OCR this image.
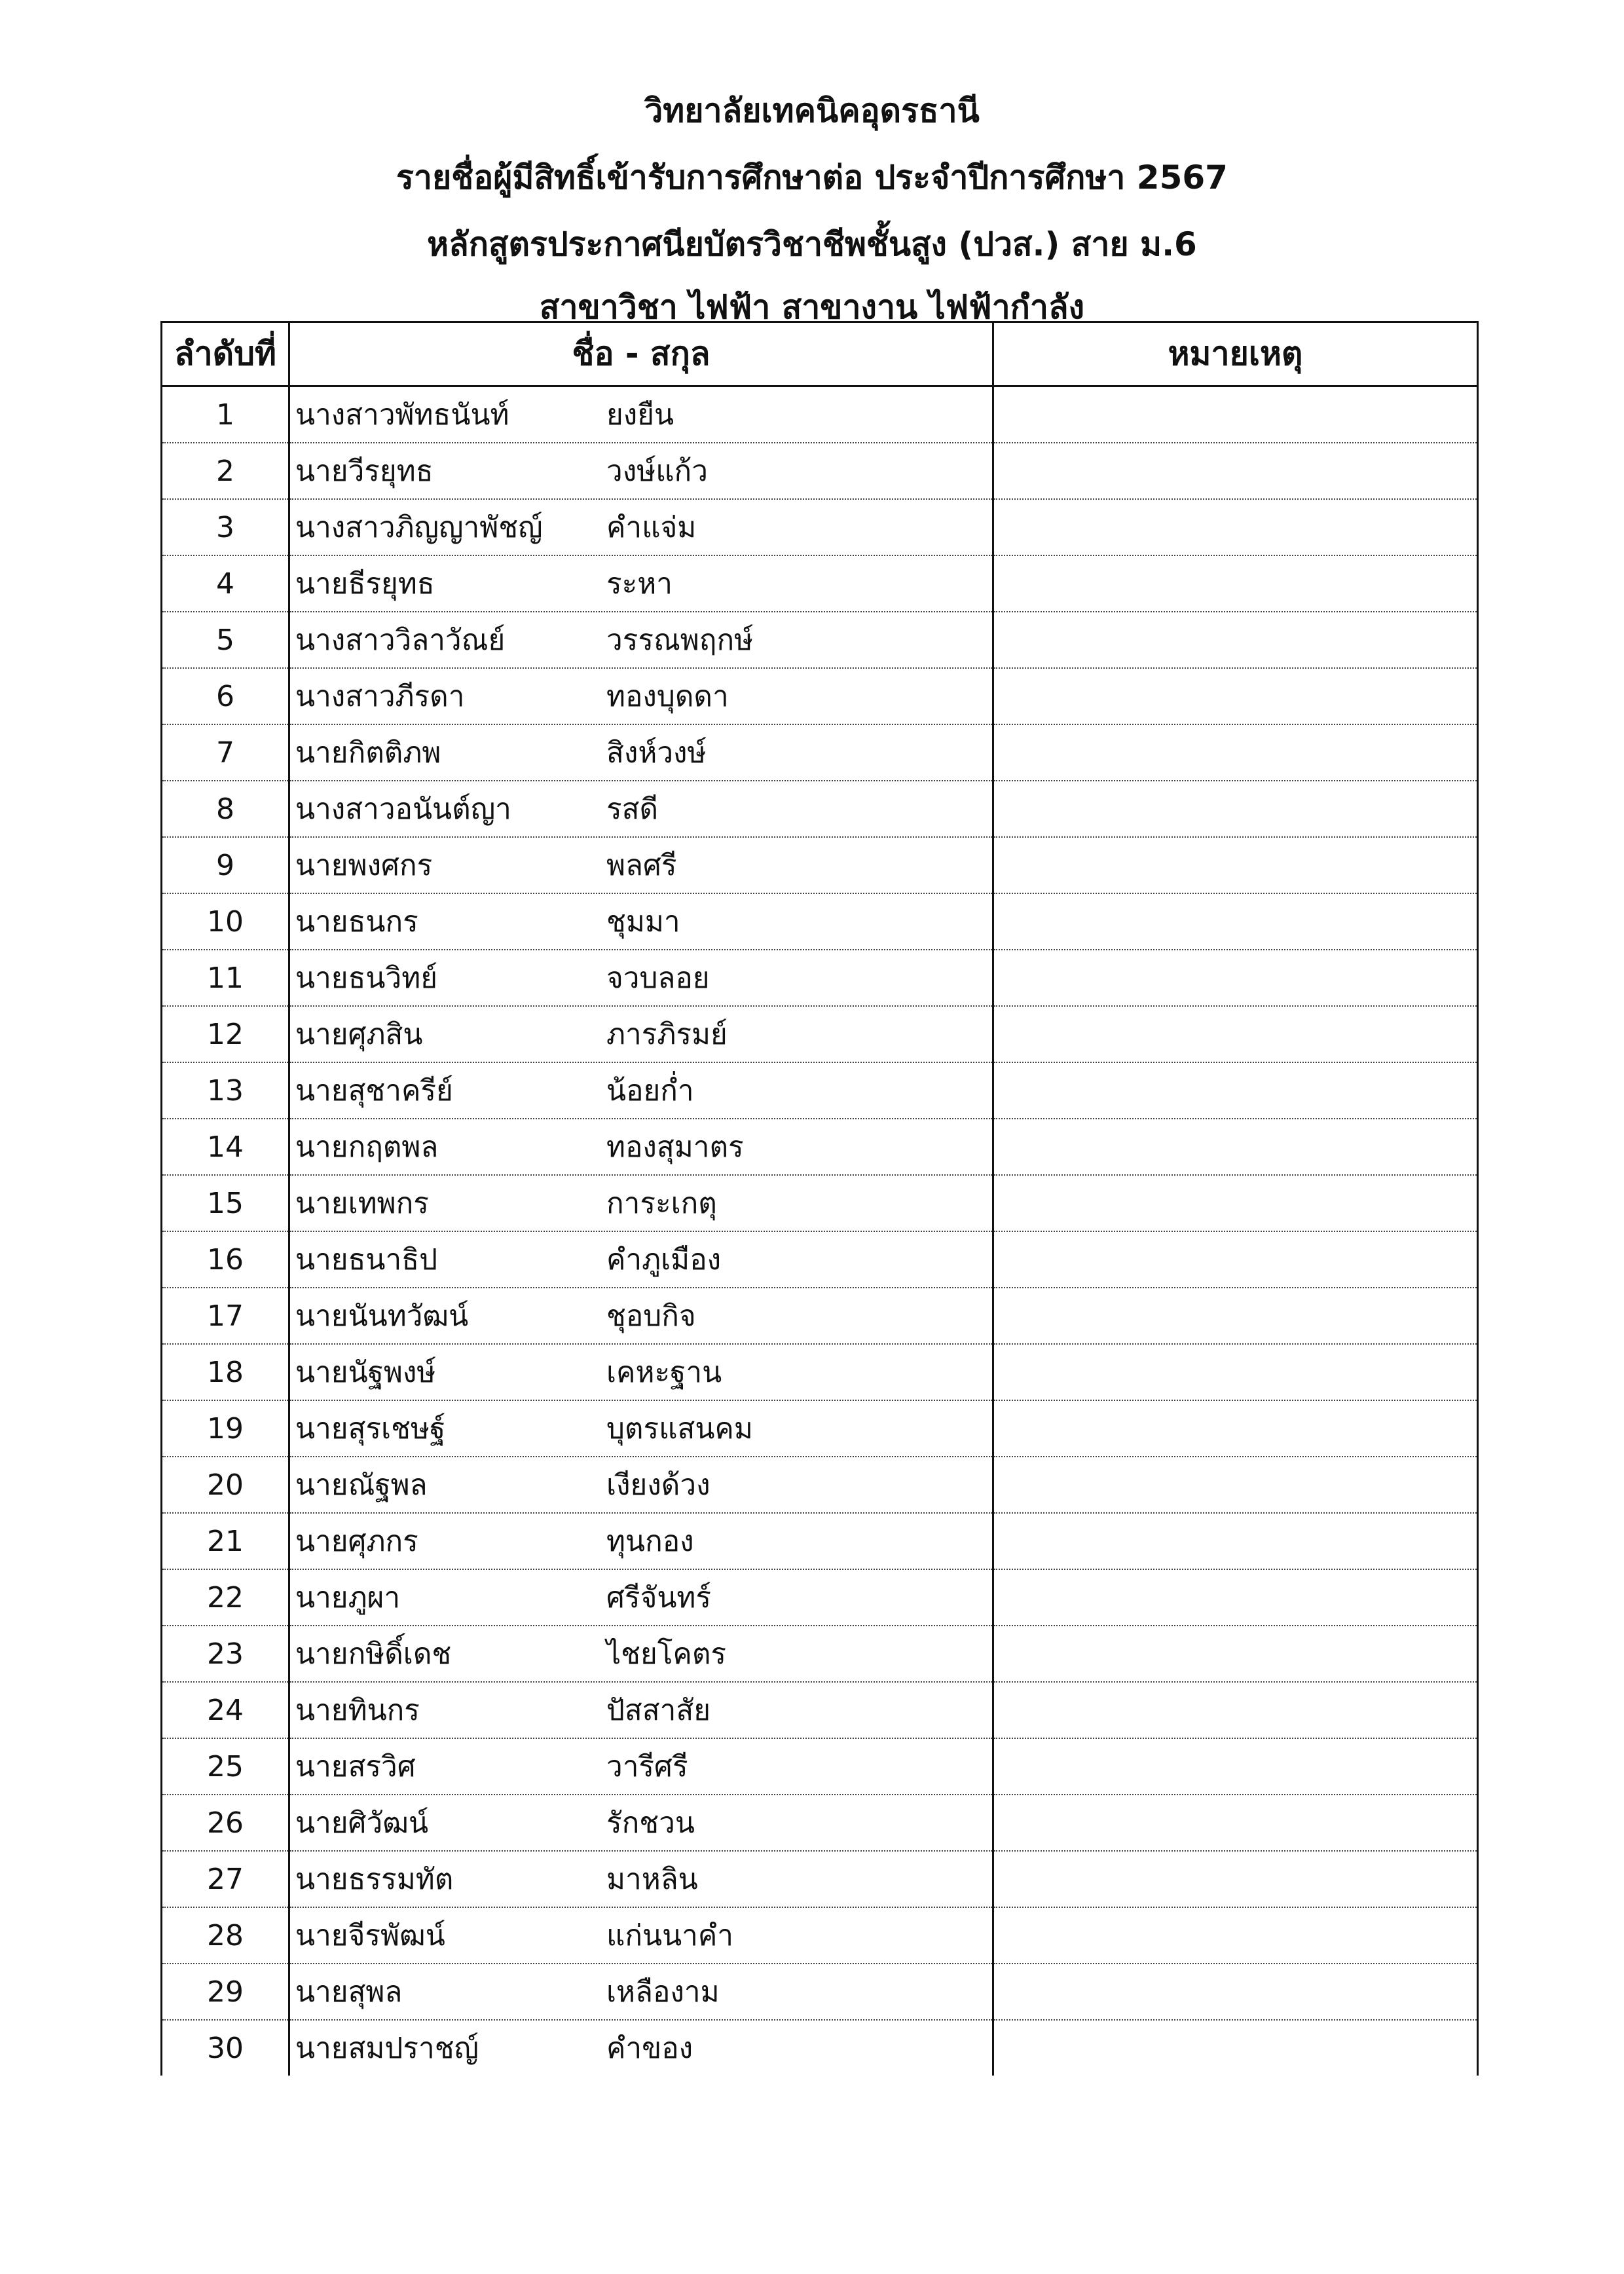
วิทยาลัยเทคนิคอุดรธานี
รายชื่อผู้มีสิทธิ์เข้ารับการศึกษาต่อ ประจำปีการศึกษา 2567
หลักสูตรประกาศนียบัตรวิชาชีพชั้นสูง (ปวส.) สาย ม.6
สาขาวิชา ไฟฟ้า สาขางาน ไฟฟ้ากำลัง
ลำดับที่	ชื่อ - สกุล	หมายเหตุ
1	นางสาวพัทธนันท์ ยงยืน	
2	นายวีรยุทธ วงษ์แก้ว	
3	นางสาวภิญญาพัชญ์ คำแจ่ม	
4	นายธีรยุทธ ระหา	
5	นางสาววิลาวัณย์ วรรณพฤกษ์	
6	นางสาวภีรดา ทองบุดดา	
7	นายกิตติภพ สิงห์วงษ์	
8	นางสาวอนันต์ญา รสดี	
9	นายพงศกร พลศรี	
10	นายธนกร ชุมมา	
11	นายธนวิทย์ จวบลอย	
12	นายศุภสิน ภารภิรมย์	
13	นายสุชาครีย์ น้อยก่ำ	
14	นายกฤตพล ทองสุมาตร	
15	นายเทพกร การะเกตุ	
16	นายธนาธิป คำภูเมือง	
17	นายนันทวัฒน์ ชุอบกิจ	
18	นายนัฐพงษ์ เคหะฐาน	
19	นายสุรเชษฐ์ บุตรแสนคม	
20	นายณัฐพล เงียงด้วง	
21	นายศุภกร ทุนกอง	
22	นายภูผา ศรีจันทร์	
23	นายกษิดิ์เดช ไชยโคตร	
24	นายทินกร ปัสสาสัย	
25	นายสรวิศ วารีศรี	
26	นายศิวัฒน์ รักชวน	
27	นายธรรมทัต มาหลิน	
28	นายจีรพัฒน์ แก่นนาคำ	
29	นายสุพล เหลืองาม	
30	นายสมปราชญ์ คำของ	
